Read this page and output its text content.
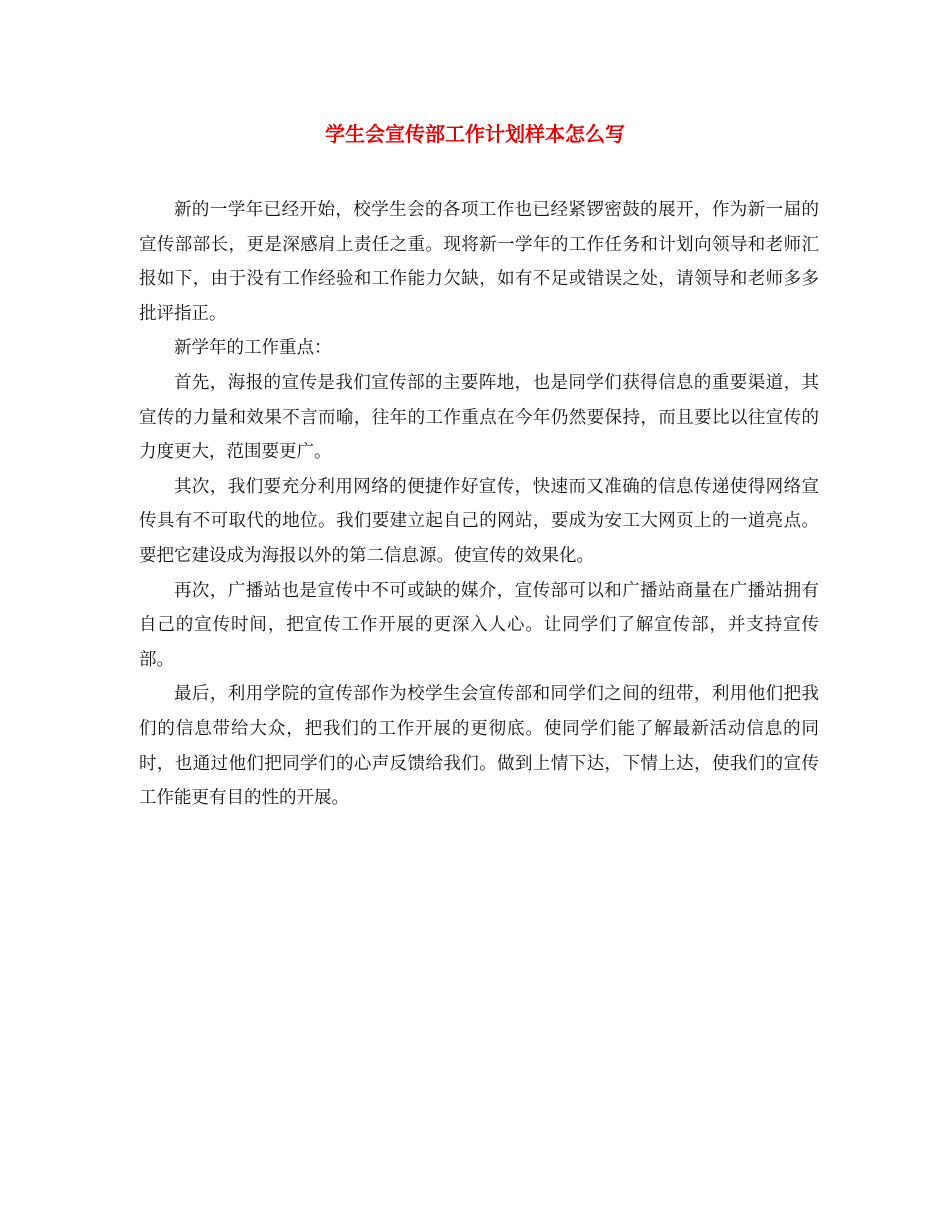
学生会宣传部工作计划样本怎么写

新的一学年已经开始，校学生会的各项工作也已经紧锣密鼓的展开，作为新一届的宣传部部长，更是深感肩上责任之重。现将新一学年的工作任务和计划向领导和老师汇报如下，由于没有工作经验和工作能力欠缺，如有不足或错误之处，请领导和老师多多批评指正。

新学年的工作重点：

首先，海报的宣传是我们宣传部的主要阵地，也是同学们获得信息的重要渠道，其宣传的力量和效果不言而喻，往年的工作重点在今年仍然要保持，而且要比以往宣传的力度更大，范围要更广。

其次，我们要充分利用网络的便捷作好宣传，快速而又准确的信息传递使得网络宣传具有不可取代的地位。我们要建立起自己的网站，要成为安工大网页上的一道亮点。要把它建设成为海报以外的第二信息源。使宣传的效果化。

再次，广播站也是宣传中不可或缺的媒介，宣传部可以和广播站商量在广播站拥有自己的宣传时间，把宣传工作开展的更深入人心。让同学们了解宣传部，并支持宣传部。

最后，利用学院的宣传部作为校学生会宣传部和同学们之间的纽带，利用他们把我们的信息带给大众，把我们的工作开展的更彻底。使同学们能了解最新活动信息的同时，也通过他们把同学们的心声反馈给我们。做到上情下达，下情上达，使我们的宣传工作能更有目的性的开展。
